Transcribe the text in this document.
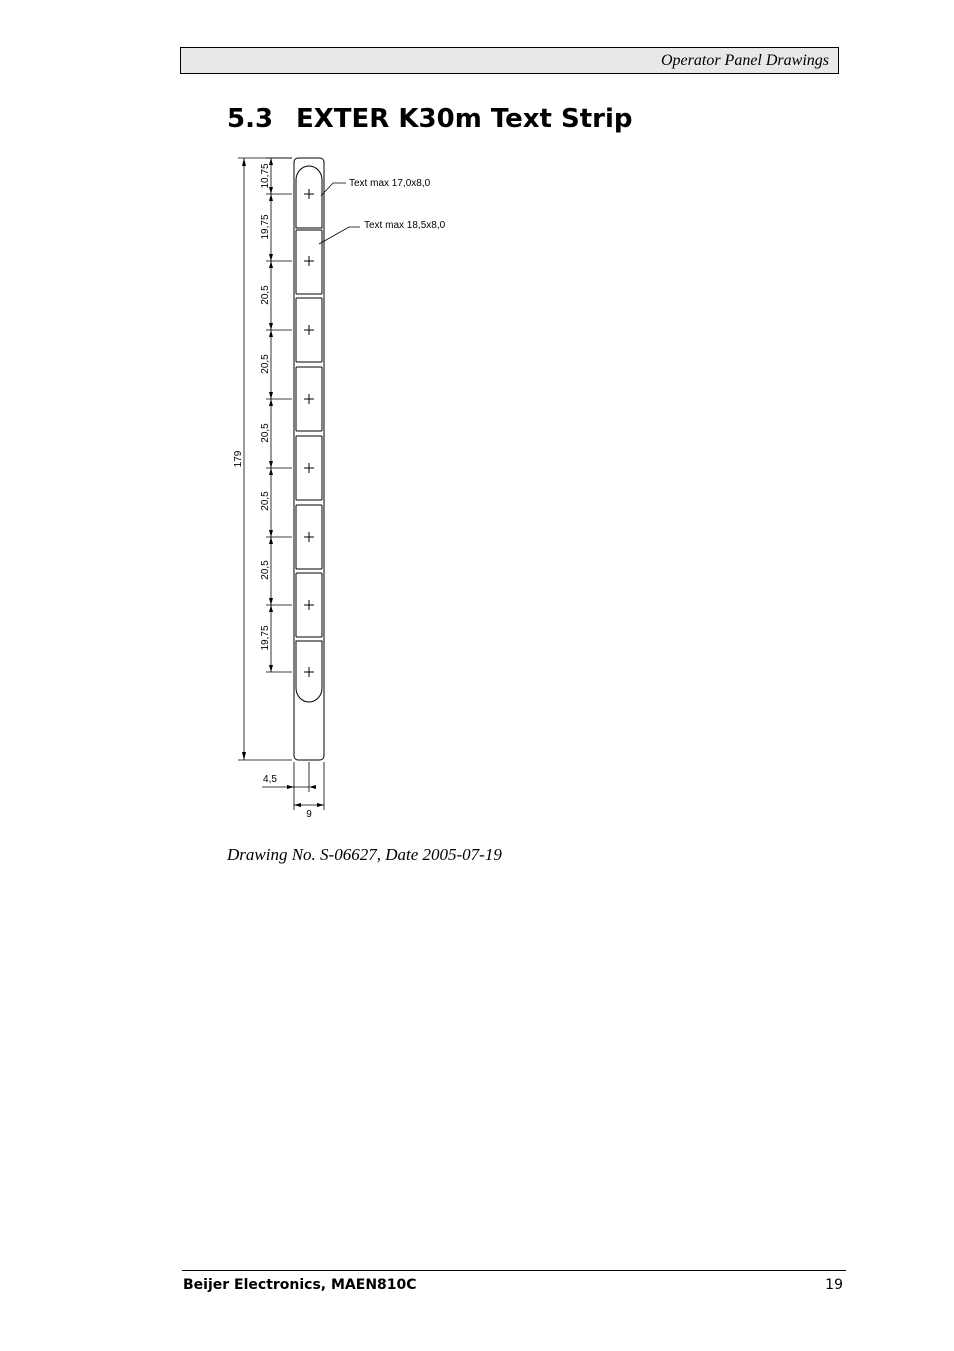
Operator Panel Drawings
5.3 EXTER K30m Text Strip
10,75
19,75
20,5
20,5
20,5
20,5
20,5
19,75
179
4,5
9
Text max 17,0x8,0
Text max 18,5x8,0
Drawing No. S-06627, Date 2005-07-19
Beijer Electronics, MAEN810C	19
